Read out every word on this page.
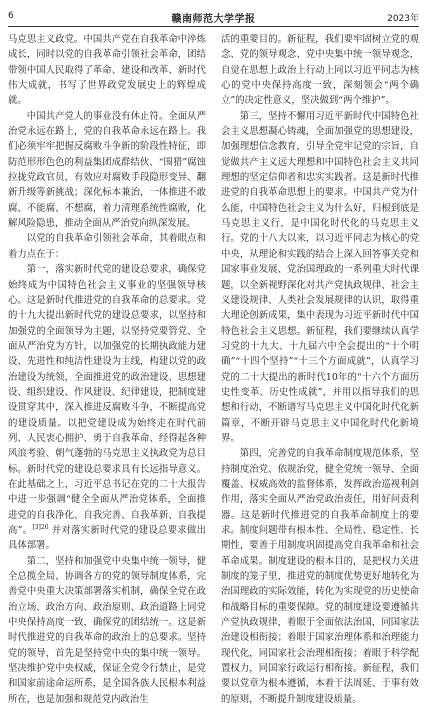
6	赣南师范大学学报	2023年

马克思主义政党。中国共产党在自我革命中淬炼成长，同时以党的自我革命引领社会革命，团结带领中国人民取得了革命、建设和改革、新时代伟大成就，书写了世界政党发展史上的辉煌成就。

中国共产党人的事业没有休止符。全面从严治党永远在路上，党的自我革命永远在路上。我们必须牢牢把握反腐败斗争新的阶段性特征，即防范形形色色的利益集团成群结伙、“围猎”腐蚀拉拢党政官员，有效应对腐败手段隐形变异、翻新升级等新挑战；深化标本兼治，一体推进不敢腐、不能腐、不想腐，着力清理系统性腐败，化解风险隐患，推动全面从严治党向纵深发展。

以党的自我革命引领社会革命，其着眼点和着力点在于：

第一，落实新时代党的建设总要求，确保党始终成为中国特色社会主义事业的坚强领导核心。这是新时代推进党的自我革命的总要求。党的十九大提出新时代党的建设总要求，以坚持和加强党的全面领导为主题，以坚持党要管党、全面从严治党为方针，以加强党的长期执政能力建设、先进性和纯洁性建设为主线，构建以党的政治建设为统领，全面推进党的政治建设、思想建设、组织建设、作风建设、纪律建设，把制度建设贯穿其中，深入推进反腐败斗争，不断提高党的建设质量。以把党建设成为始终走在时代前列、人民衷心拥护、勇于自我革命、经得起各种风浪考验、朝气蓬勃的马克思主义执政党为总目标。新时代党的建设总要求具有长远指导意义。在此基础之上，习近平总书记在党的二十大报告中进一步强调“健全全面从严治党体系，全面推进党的自我净化、自我完善、自我革新、自我提高”。$^{[3]26}$ 并对落实新时代党的建设总要求做出具体部署。

第二，坚持和加强党中央集中统一领导，健全总揽全局、协调各方的党的领导制度体系，完善党中央重大决策部署落实机制，确保全党在政治立场、政治方向、政治原则、政治道路上同党中央保持高度一致，确保党的团结统一。这是新时代推进党的自我革命的政治上的总要求。坚持党的领导，首先是坚持党中央的集中统一领导。坚决维护党中央权威，保证全党令行禁止，是党和国家前途命运所系，是全国各族人民根本利益所在，也是加强和规范党内政治生

活的重要目的。新征程，我们要牢固树立党的观念、党的领导观念、党中央集中统一领导观念，自觉在思想上政治上行动上同以习近平同志为核心的党中央保持高度一致，深刻领会“两个确立”的决定性意义，坚决做到“两个维护”。

第三，坚持不懈用习近平新时代中国特色社会主义思想凝心铸魂，全面加强党的思想建设，加强理想信念教育，引导全党牢记党的宗旨，自觉做共产主义远大理想和中国特色社会主义共同理想的坚定信仰者和忠实实践者。这是新时代推进党的自我革命思想上的要求。中国共产党为什么能，中国特色社会主义为什么好，归根到底是马克思主义行，是中国化时代化的马克思主义行。党的十八大以来，以习近平同志为核心的党中央，从理论和实践的结合上深入回答事关党和国家事业发展、党治国理政的一系列重大时代课题，以全新视野深化对共产党执政规律、社会主义建设规律、人类社会发展规律的认识，取得重大理论创新成果，集中表现为习近平新时代中国特色社会主义思想。新征程，我们要继续认真学习党的十九大、十九届六中全会提出的“十个明确”“十四个坚持”“十三个方面成就”，认真学习党的二十大提出的新时代10年的“十六个方面历史性变革、历史性成就”，并用以指导我们的思想和行动，不断谱写马克思主义中国化时代化新篇章，不断开辟马克思主义中国化时代化新境界。

第四，完善党的自我革命制度规范体系，坚持制度治党、依规治党，健全党统一领导、全面覆盖、权威高效的监督体系，发挥政治巡视利剑作用，落实全面从严治党政治责任，用好问责利器。这是新时代推进党的自我革命制度上的要求。制度问题带有根本性、全局性、稳定性、长期性，要善于用制度巩固提高党自我革命和社会革命成果。制度建设的根本目的，是把权力关进制度的笼子里，推进党的制度优势更好地转化为治国理政的实际效能，转化为实现党的历史使命和战略目标的重要保障。党的制度建设要遵循共产党执政规律，着眼于全面依法治国，同国家法治建设相衔接；着眼于国家治理体系和治理能力现代化，同国家社会治理相衔接；着眼于科学配置权力，同国家行政运行相衔接。新征程，我们要以党章为根本遵循，本着于法周延、于事有效的原则，不断提升制度建设质量。
